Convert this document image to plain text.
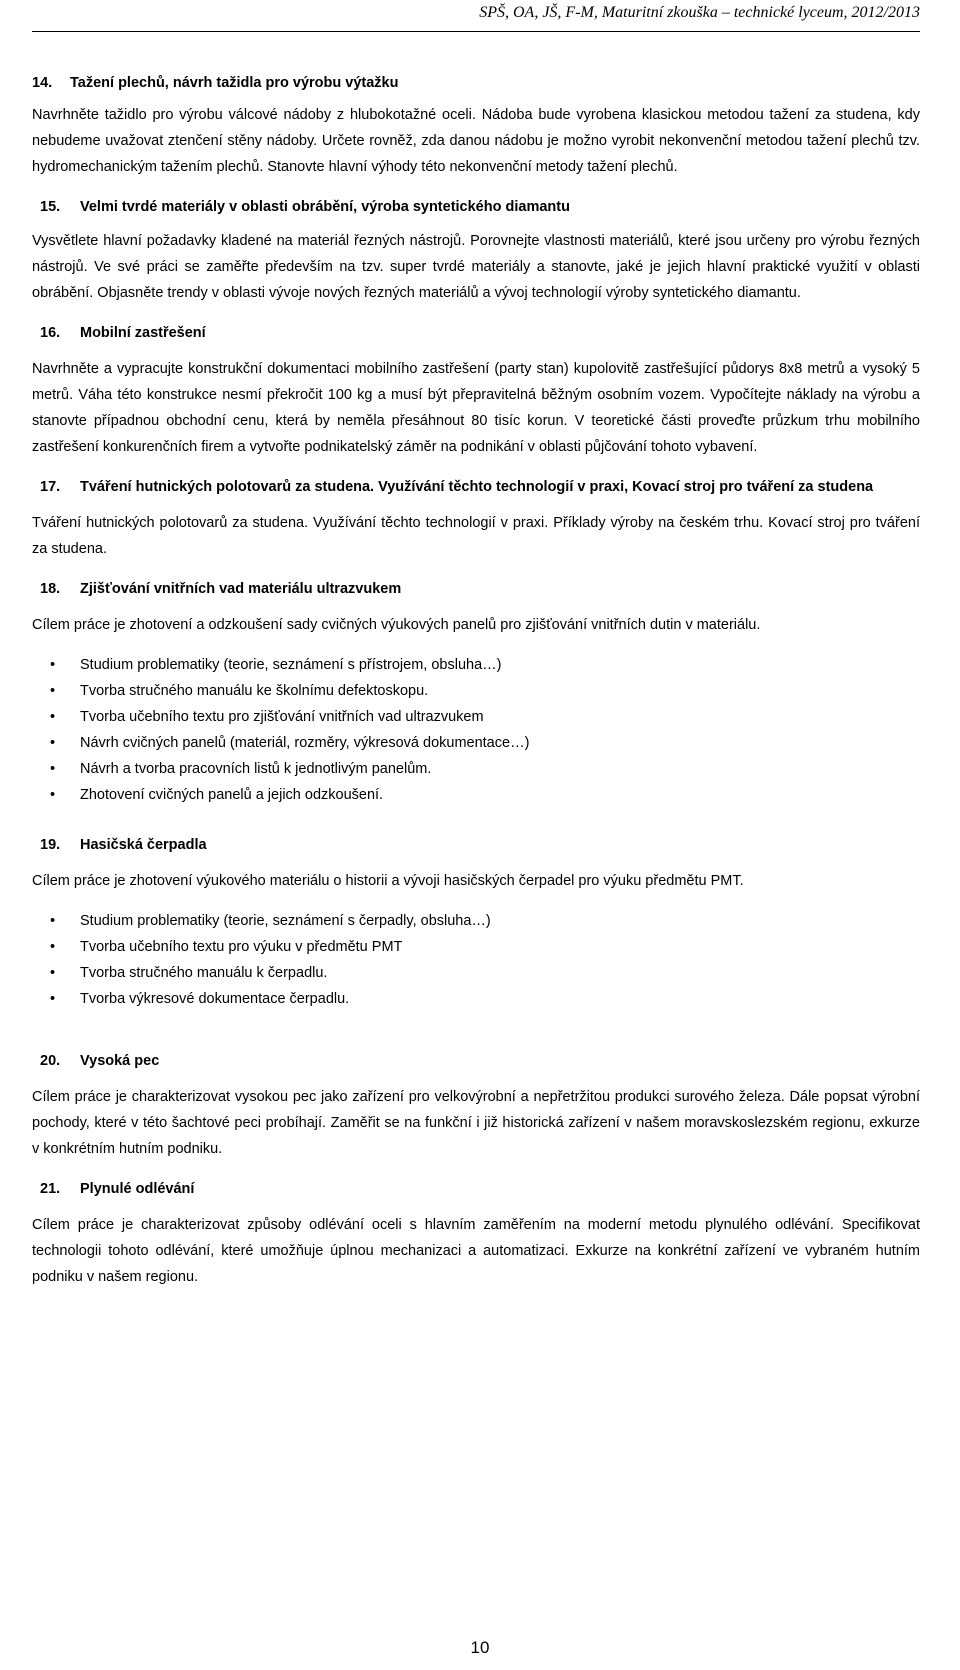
SPŠ, OA, JŠ, F-M, Maturitní zkouška – technické lyceum, 2012/2013
14.	Tažení plechů, návrh tažidla pro výrobu výtažku

Navrhněte tažidlo pro výrobu válcové nádoby z hlubokotažné oceli. Nádoba bude vyrobena klasickou metodou tažení za studena, kdy nebudeme uvažovat ztenčení stěny nádoby. Určete rovněž, zda danou nádobu je možno vyrobit nekonvenční metodou tažení plechů tzv. hydromechanickým tažením plechů. Stanovte hlavní výhody této nekonvenční metody tažení plechů.

15.	Velmi tvrdé materiály v oblasti obrábění, výroba syntetického diamantu

Vysvětlete hlavní požadavky kladené na materiál řezných nástrojů. Porovnejte vlastnosti materiálů, které jsou určeny pro výrobu řezných nástrojů. Ve své práci se zaměřte především na tzv. super tvrdé materiály a stanovte, jaké je jejich hlavní praktické využití v oblasti obrábění. Objasněte trendy v oblasti vývoje nových řezných materiálů a vývoj technologií výroby syntetického diamantu.

16.	Mobilní zastřešení

Navrhněte a vypracujte konstrukční dokumentaci mobilního zastřešení (party stan) kupolovitě zastřešující půdorys 8x8 metrů a vysoký 5 metrů. Váha této konstrukce nesmí překročit 100 kg a musí být přepravitelná běžným osobním vozem. Vypočítejte náklady na výrobu a stanovte případnou obchodní cenu, která by neměla přesáhnout 80 tisíc korun. V teoretické části proveďte průzkum trhu mobilního zastřešení konkurenčních firem a vytvořte podnikatelský záměr na podnikání v oblasti půjčování tohoto vybavení.

17.	Tváření hutnických polotovarů za studena. Využívání těchto technologií v praxi, Kovací stroj pro tváření za studena

Tváření hutnických polotovarů za studena. Využívání těchto technologií v praxi. Příklady výroby na českém trhu. Kovací stroj pro tváření za studena.

18.	Zjišťování vnitřních vad materiálu ultrazvukem

Cílem práce je zhotovení a odzkoušení sady cvičných výukových panelů pro zjišťování vnitřních dutin v materiálu.

• Studium problematiky (teorie, seznámení s přístrojem, obsluha…)
• Tvorba stručného manuálu ke školnímu defektoskopu.
• Tvorba učebního textu pro zjišťování vnitřních vad ultrazvukem
• Návrh cvičných panelů (materiál, rozměry, výkresová dokumentace…)
• Návrh a tvorba pracovních listů k jednotlivým panelům.
• Zhotovení cvičných panelů a jejich odzkoušení.
19.	Hasičská čerpadla

Cílem práce je zhotovení výukového materiálu o historii a vývoji hasičských čerpadel pro výuku předmětu PMT.

• Studium problematiky (teorie, seznámení s čerpadly, obsluha…)
• Tvorba učebního textu pro výuku v předmětu PMT
• Tvorba stručného manuálu k čerpadlu.
• Tvorba výkresové dokumentace čerpadlu.
20.	Vysoká pec

Cílem práce je charakterizovat vysokou pec jako zařízení pro velkovýrobní a nepřetržitou produkci surového železa. Dále popsat výrobní pochody, které v této šachtové peci probíhají. Zaměřit se na funkční i již historická zařízení v našem moravskoslezském regionu, exkurze v konkrétním hutním podniku.

21.	Plynulé odlévání

Cílem práce je charakterizovat způsoby odlévání oceli s hlavním zaměřením na moderní metodu plynulého odlévání. Specifikovat technologii tohoto odlévání, které umožňuje úplnou mechanizaci a automatizaci. Exkurze na konkrétní zařízení ve vybraném hutním podniku v našem regionu.

10
